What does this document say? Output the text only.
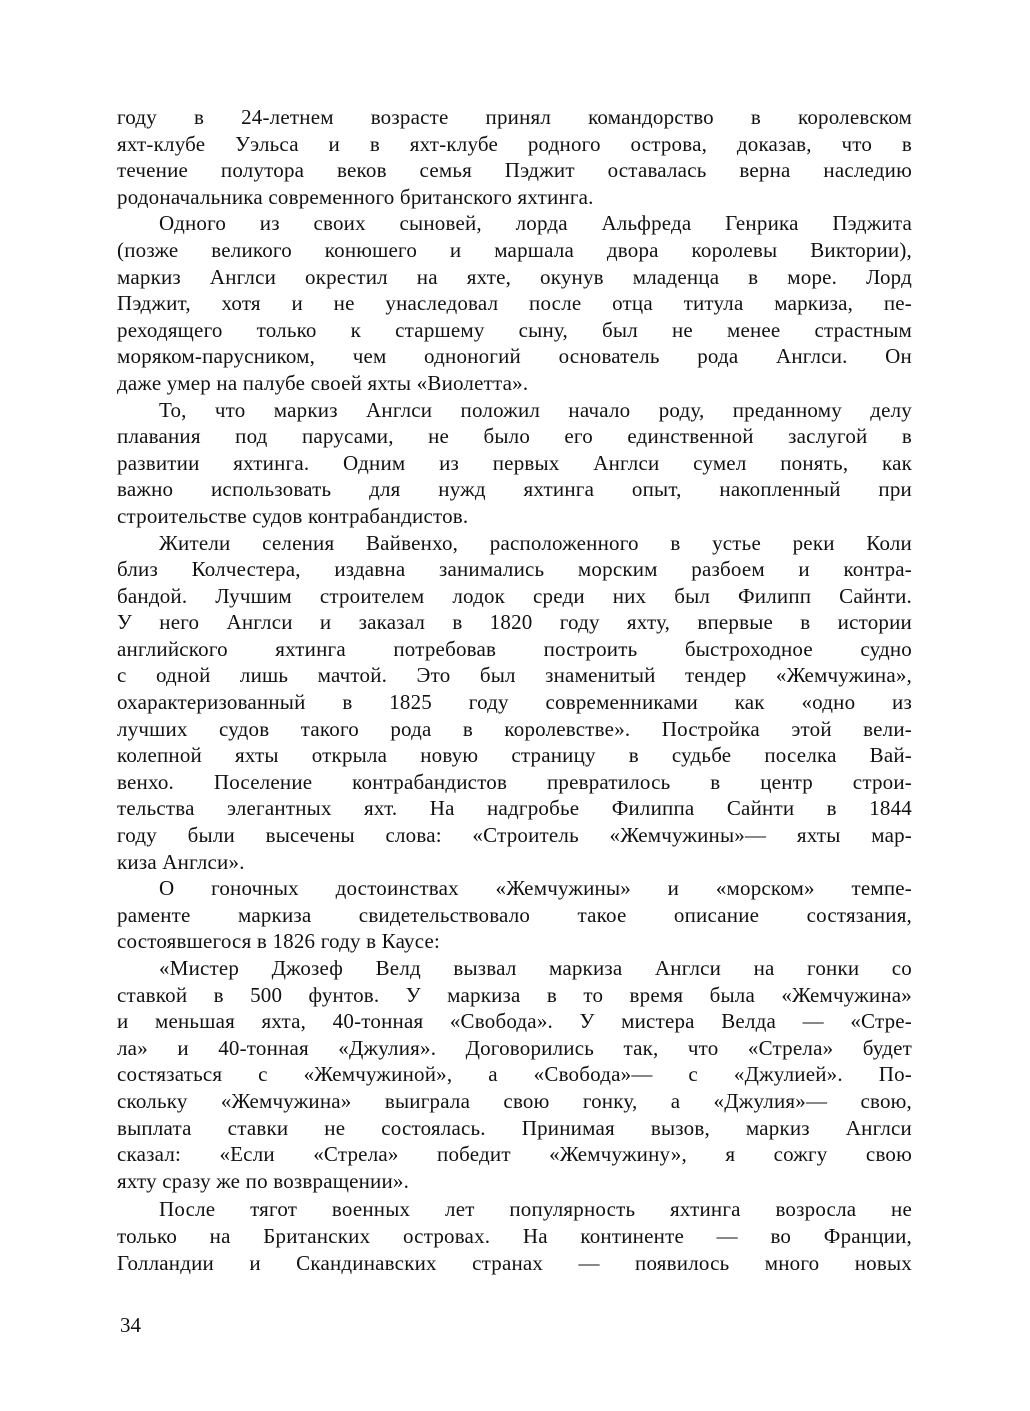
году в 24-летнем возрасте принял командорство в королевском
яхт-клубе Уэльса и в яхт-клубе родного острова, доказав, что в
течение полутора веков семья Пэджит оставалась верна наследию
родоначальника современного британского яхтинга.
Одного из своих сыновей, лорда Альфреда Генрика Пэджита
(позже великого конюшего и маршала двора королевы Виктории),
маркиз Англси окрестил на яхте, окунув младенца в море. Лорд
Пэджит, хотя и не унаследовал после отца титула маркиза, пе-
реходящего только к старшему сыну, был не менее страстным
моряком-парусником, чем одноногий основатель рода Англси. Он
даже умер на палубе своей яхты «Виолетта».
То, что маркиз Англси положил начало роду, преданному делу
плавания под парусами, не было его единственной заслугой в
развитии яхтинга. Одним из первых Англси сумел понять, как
важно использовать для нужд яхтинга опыт, накопленный при
строительстве судов контрабандистов.
Жители селения Вайвенхо, расположенного в устье реки Коли
близ Колчестера, издавна занимались морским разбоем и контра-
бандой. Лучшим строителем лодок среди них был Филипп Сайнти.
У него Англси и заказал в 1820 году яхту, впервые в истории
английского яхтинга потребовав построить быстроходное судно
с одной лишь мачтой. Это был знаменитый тендер «Жемчужина»,
охарактеризованный в 1825 году современниками как «одно из
лучших судов такого рода в королевстве». Постройка этой вели-
колепной яхты открыла новую страницу в судьбе поселка Вай-
венхо. Поселение контрабандистов превратилось в центр строи-
тельства элегантных яхт. На надгробье Филиппа Сайнти в 1844
году были высечены слова: «Строитель «Жемчужины»— яхты мар-
киза Англси».
О гоночных достоинствах «Жемчужины» и «морском» темпе-
раменте маркиза свидетельствовало такое описание состязания,
состоявшегося в 1826 году в Каусе:
«Мистер Джозеф Велд вызвал маркиза Англси на гонки со
ставкой в 500 фунтов. У маркиза в то время была «Жемчужина»
и меньшая яхта, 40-тонная «Свобода». У мистера Велда — «Стре-
ла» и 40-тонная «Джулия». Договорились так, что «Стрела» будет
состязаться с «Жемчужиной», а «Свобода»— с «Джулией». По-
скольку «Жемчужина» выиграла свою гонку, а «Джулия»— свою,
выплата ставки не состоялась. Принимая вызов, маркиз Англси
сказал: «Если «Стрела» победит «Жемчужину», я сожгу свою
яхту сразу же по возвращении».
После тягот военных лет популярность яхтинга возросла не
только на Британских островах. На континенте — во Франции,
Голландии и Скандинавских странах — появилось много новых
34
